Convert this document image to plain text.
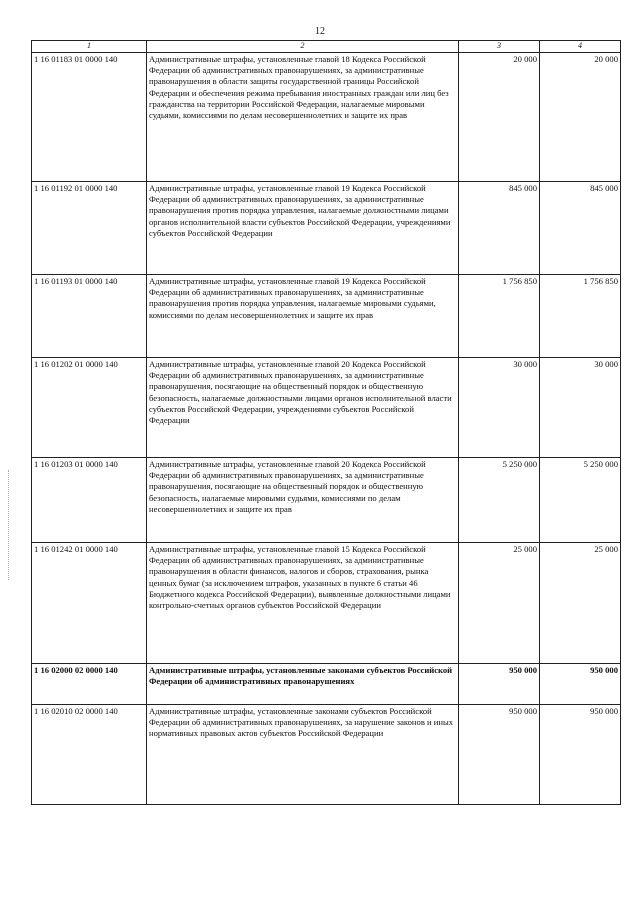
12
1	2	3	4
1 16 01183 01 0000 140	Административные штрафы, установленные главой 18 Кодекса Российской Федерации об административных правонарушениях, за административные правонарушения в области защиты государственной границы Российской Федерации и обеспечения режима пребывания иностранных граждан или лиц без гражданства на территории Российской Федерации, налагаемые мировыми судьями, комиссиями по делам несовершеннолетних и защите их прав	20 000	20 000
1 16 01192 01 0000 140	Административные штрафы, установленные главой 19 Кодекса Российской Федерации об административных правонарушениях, за административные правонарушения против порядка управления, налагаемые должностными лицами органов исполнительной власти субъектов Российской Федерации, учреждениями субъектов Российской Федерации	845 000	845 000
1 16 01193 01 0000 140	Административные штрафы, установленные главой 19 Кодекса Российской Федерации об административных правонарушениях, за административные правонарушения против порядка управления, налагаемые мировыми судьями, комиссиями по делам несовершеннолетних и защите их прав	1 756 850	1 756 850
1 16 01202 01 0000 140	Административные штрафы, установленные главой 20 Кодекса Российской Федерации об административных правонарушениях, за административные правонарушения, посягающие на общественный порядок и общественную безопасность, налагаемые должностными лицами органов исполнительной власти субъектов Российской Федерации, учреждениями субъектов Российской Федерации	30 000	30 000
1 16 01203 01 0000 140	Административные штрафы, установленные главой 20 Кодекса Российской Федерации об административных правонарушениях, за административные правонарушения, посягающие на общественный порядок и общественную безопасность, налагаемые мировыми судьями, комиссиями по делам несовершеннолетних и защите их прав	5 250 000	5 250 000
1 16 01242 01 0000 140	Административные штрафы, установленные главой 15 Кодекса Российской Федерации об административных правонарушениях, за административные правонарушения в области финансов, налогов и сборов, страхования, рынка ценных бумаг (за исключением штрафов, указанных в пункте 6 статьи 46 Бюджетного кодекса Российской Федерации), выявленные должностными лицами контрольно-счетных органов субъектов Российской Федерации	25 000	25 000
1 16 02000 02 0000 140	Административные штрафы, установленные законами субъектов Российской Федерации об административных правонарушениях	950 000	950 000
1 16 02010 02 0000 140	Административные штрафы, установленные законами субъектов Российской Федерации об административных правонарушениях, за нарушение законов и иных нормативных правовых актов субъектов Российской Федерации	950 000	950 000
